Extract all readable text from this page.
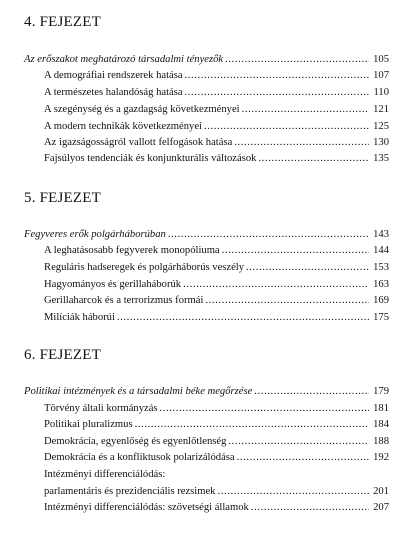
4. FEJEZET
Az erőszakot meghatározó társadalmi tényezők .....	105
A demográfiai rendszerek hatása .....	107
A természetes halandóság hatása .....	110
A szegénység és a gazdagság következményei .....	121
A modern technikák következményei .....	125
Az igazságosságról vallott felfogások hatása .....	130
Fajsúlyos tendenciák és konjunkturális változások .....	135
5. FEJEZET
Fegyveres erők polgárháborúban .....	143
A leghatásosabb fegyverek monopóliuma .....	144
Reguláris hadseregek és polgárháborús veszély .....	153
Hagyományos és gerillaháborúk .....	163
Gerillaharcok és a terrorizmus formái .....	169
Milíciák háborúi .....	175
6. FEJEZET
Politikai intézmények és a társadalmi béke megőrzése .....	179
Törvény általi kormányzás .....	181
Politikai pluralizmus .....	184
Demokrácia, egyenlőség és egyenlőtlenség .....	188
Demokrácia és a konfliktusok polarizálódása .....	192
Intézményi differenciálódás:
parlamentáris és prezidenciális rezsimek .....	201
Intézményi differenciálódás: szövetségi államok .....	207
